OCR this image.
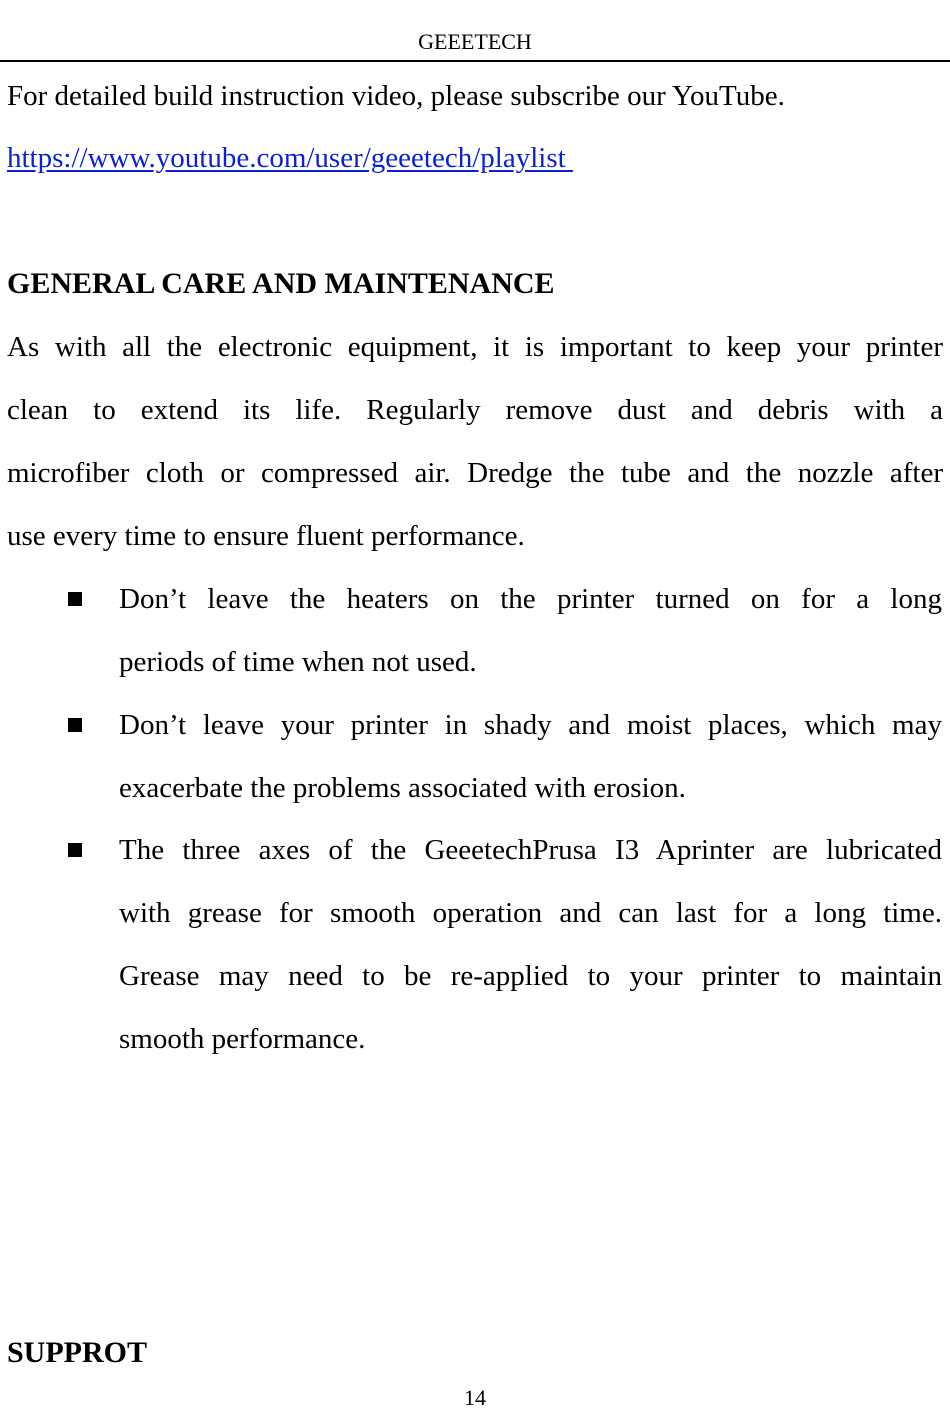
GEEETECH
For detailed build instruction video, please subscribe our YouTube.
https://www.youtube.com/user/geeetech/playlist
GENERAL CARE AND MAINTENANCE
As with all the electronic equipment, it is important to keep your printer
clean to extend its life. Regularly remove dust and debris with a
microfiber cloth or compressed air. Dredge the tube and the nozzle after
use every time to ensure fluent performance.
Don’t leave the heaters on the printer turned on for a long
periods of time when not used.
Don’t leave your printer in shady and moist places, which may
exacerbate the problems associated with erosion.
The three axes of the GeeetechPrusa I3 Aprinter are lubricated
with grease for smooth operation and can last for a long time.
Grease may need to be re-applied to your printer to maintain
smooth performance.
SUPPROT
14
